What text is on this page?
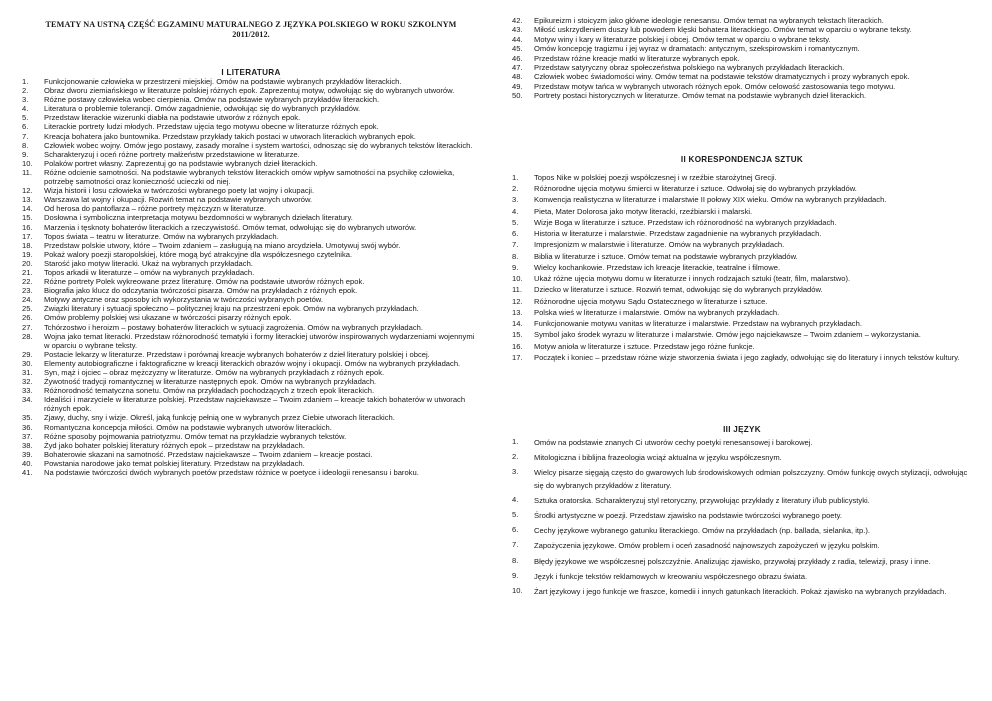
TEMATY NA USTNĄ CZĘŚĆ EGZAMINU MATURALNEGO Z JĘZYKA POLSKIEGO W ROKU SZKOLNYM
2011/2012.
I LITERATURA
1.	Funkcjonowanie człowieka w przestrzeni miejskiej. Omów na podstawie wybranych przykładów literackich.
2.	Obraz dworu ziemiańskiego w literaturze polskiej różnych epok. Zaprezentuj motyw, odwołując się do wybranych utworów.
3.	Różne postawy człowieka wobec cierpienia. Omów na podstawie wybranych przykładów literackich.
4.	Literatura o problemie tolerancji. Omów zagadnienie, odwołując się do wybranych przykładów.
5.	Przedstaw literackie wizerunki diabła na podstawie utworów z różnych epok.
6.	Literackie portrety ludzi młodych. Przedstaw ujęcia tego motywu obecne w literaturze różnych epok.
7.	Kreacja bohatera jako buntownika. Przedstaw przykłady takich postaci w utworach literackich wybranych epok.
8.	Człowiek wobec wojny. Omów jego postawy, zasady moralne i system wartości, odnosząc się do wybranych tekstów literackich.
9.	Scharakteryzuj i oceń różne portrety małżeństw przedstawione w literaturze.
10.	Polaków portret własny. Zaprezentuj go na podstawie wybranych dzieł literackich.
11.	Różne odcienie samotności. Na podstawie wybranych tekstów literackich omów wpływ samotności na psychikę człowieka, potrzebę samotności oraz konieczność ucieczki od niej.
12.	Wizja historii i losu człowieka w twórczości wybranego poety lat wojny i okupacji.
13.	Warszawa lat wojny i okupacji. Rozwiń temat na podstawie wybranych utworów.
14.	Od herosa do pantoflarza – różne portrety mężczyzn w literaturze.
15.	Dosłowna i symboliczna interpretacja motywu bezdomności w wybranych dziełach literatury.
16.	Marzenia i tęsknoty bohaterów literackich a rzeczywistość. Omów temat, odwołując się do wybranych utworów.
17.	Topos świata – teatru w literaturze. Omów na wybranych przykładach.
18.	Przedstaw polskie utwory, które – Twoim zdaniem – zasługują na miano arcydzieła. Umotywuj swój wybór.
19.	Pokaż walory poezji staropolskiej, które mogą być atrakcyjne dla współczesnego czytelnika.
20.	Starość jako motyw literacki. Ukaż na wybranych przykładach.
21.	Topos arkadii w literaturze – omów na wybranych przykładach.
22.	Różne portrety Polek wykreowane przez literaturę. Omów na podstawie utworów różnych epok.
23.	Biografia jako klucz do odczytania twórczości pisarza. Omów na przykładach z różnych epok.
24.	Motywy antyczne oraz sposoby ich wykorzystania w twórczości wybranych poetów.
25.	Związki literatury i sytuacji społeczno – politycznej kraju na przestrzeni epok. Omów na wybranych przykładach.
26.	Omów problemy polskiej wsi ukazane w twórczości pisarzy różnych epok.
27.	Tchórzostwo i heroizm – postawy bohaterów literackich w sytuacji zagrożenia. Omów na wybranych przykładach.
28.	Wojna jako temat literacki. Przedstaw różnorodność tematyki i formy literackiej utworów inspirowanych wydarzeniami wojennymi w oparciu o wybrane teksty.
29.	Postacie lekarzy w literaturze. Przedstaw i porównaj kreacje wybranych bohaterów z dzieł literatury polskiej i obcej.
30.	Elementy autobiograficzne i faktograficzne w kreacji literackich obrazów wojny i okupacji. Omów na wybranych przykładach.
31.	Syn, mąż i ojciec – obraz mężczyzny w literaturze. Omów na wybranych przykładach z różnych epok.
32.	Żywotność tradycji romantycznej w literaturze następnych epok. Omów na wybranych przykładach.
33.	Różnorodność tematyczna sonetu. Omów na przykładach pochodzących z trzech epok literackich.
34.	Idealiści i marzyciele w literaturze polskiej. Przedstaw najciekawsze – Twoim zdaniem – kreacje takich bohaterów w utworach różnych epok.
35.	Zjawy, duchy, sny i wizje. Określ, jaką funkcję pełnią one w wybranych przez Ciebie utworach literackich.
36.	Romantyczna koncepcja miłości. Omów na podstawie wybranych utworów literackich.
37.	Różne sposoby pojmowania patriotyzmu. Omów temat na przykładzie wybranych tekstów.
38.	Żyd jako bohater polskiej literatury różnych epok – przedstaw na przykładach.
39.	Bohaterowie skazani na samotność. Przedstaw najciekawsze – Twoim zdaniem – kreacje postaci.
40.	Powstania narodowe jako temat polskiej literatury. Przedstaw na przykładach.
41.	Na podstawie twórczości dwóch wybranych poetów przedstaw różnice w poetyce i ideologii renesansu i baroku.
42.	Epikureizm i stoicyzm jako główne ideologie renesansu. Omów temat na wybranych tekstach literackich.
43.	Miłość uskrzydleniem duszy lub powodem klęski bohatera literackiego. Omów temat w oparciu o wybrane teksty.
44.	Motyw winy i kary w literaturze polskiej i obcej. Omów temat w oparciu o wybrane teksty.
45.	Omów koncepcję tragizmu i jej wyraz w dramatach: antycznym, szekspirowskim i romantycznym.
46.	Przedstaw różne kreacje matki w literaturze wybranych epok.
47.	Przedstaw satyryczny obraz społeczeństwa polskiego na wybranych przykładach literackich.
48.	Człowiek wobec świadomości winy. Omów temat na podstawie tekstów dramatycznych i prozy wybranych epok.
49.	Przedstaw motyw tańca w wybranych utworach różnych epok. Omów celowość zastosowania tego motywu.
50.	Portrety postaci historycznych w literaturze. Omów temat na podstawie wybranych dzieł literackich.
II KORESPONDENCJA SZTUK
1.	Topos Nike w polskiej poezji współczesnej i w rzeźbie starożytnej Grecji.
2.	Różnorodne ujęcia motywu śmierci w literaturze i sztuce. Odwołaj się do wybranych przykładów.
3.	Konwencja realistyczna w literaturze i malarstwie II połowy XIX wieku. Omów na wybranych przykładach.
4.	Pieta, Mater Dolorosa jako motyw literacki, rzeźbiarski i malarski.
5.	Wizje Boga w literaturze i sztuce. Przedstaw ich różnorodność na wybranych przykładach.
6.	Historia w literaturze i malarstwie. Przedstaw zagadnienie na wybranych przykładach.
7.	Impresjonizm w malarstwie i literaturze. Omów na wybranych przykładach.
8.	Biblia w literaturze i sztuce. Omów temat na podstawie wybranych przykładów.
9.	Wielcy kochankowie. Przedstaw ich kreacje literackie, teatralne i filmowe.
10.	Ukaż różne ujęcia motywu domu w literaturze i innych rodzajach sztuki (teatr, film, malarstwo).
11.	Dziecko w literaturze i sztuce. Rozwiń temat, odwołując się do wybranych przykładów.
12.	Różnorodne ujęcia motywu Sądu Ostatecznego w literaturze i sztuce.
13.	Polska wieś w literaturze i malarstwie. Omów na wybranych przykładach.
14.	Funkcjonowanie motywu vanitas w literaturze i malarstwie. Przedstaw na wybranych przykładach.
15.	Symbol jako środek wyrazu w literaturze i malarstwie. Omów jego najciekawsze – Twoim zdaniem – wykorzystania.
16.	Motyw anioła w literaturze i sztuce. Przedstaw jego różne funkcje.
17.	Początek i koniec – przedstaw różne wizje stworzenia świata i jego zagłady, odwołując się do literatury i innych tekstów kultury.
III JĘZYK
1.	Omów na podstawie znanych Ci utworów cechy poetyki renesansowej i barokowej.
2.	Mitologiczna i biblijna frazeologia wciąż aktualna w języku współczesnym.
3.	Wielcy pisarze sięgają często do gwarowych lub środowiskowych odmian polszczyzny. Omów funkcję owych stylizacji, odwołując się do wybranych przykładów z literatury.
4.	Sztuka oratorska. Scharakteryzuj styl retoryczny, przywołując przykłady z literatury i/lub publicystyki.
5.	Środki artystyczne w poezji. Przedstaw zjawisko na podstawie twórczości wybranego poety.
6.	Cechy językowe wybranego gatunku literackiego. Omów na przykładach (np. ballada, sielanka, itp.).
7.	Zapożyczenia językowe. Omów problem i oceń zasadność najnowszych zapożyczeń w języku polskim.
8.	Błędy językowe we współczesnej polszczyźnie. Analizując zjawisko, przywołaj przykłady z radia, telewizji, prasy i inne.
9.	Język i funkcje tekstów reklamowych w kreowaniu współczesnego obrazu świata.
10.	Żart językowy i jego funkcje we fraszce, komedii i innych gatunkach literackich. Pokaż zjawisko na wybranych przykładach.
